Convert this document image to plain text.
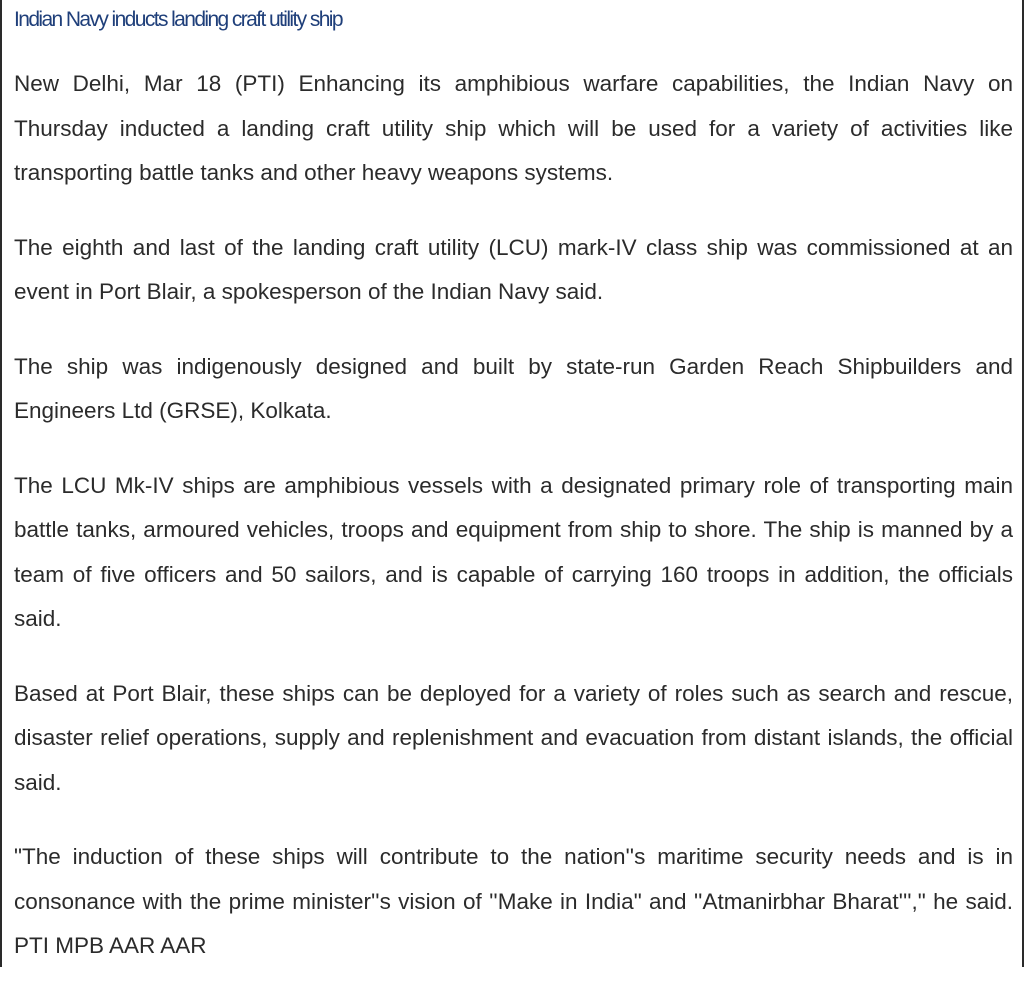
Indian Navy inducts landing craft utility ship

New Delhi, Mar 18 (PTI) Enhancing its amphibious warfare capabilities, the Indian Navy on Thursday inducted a landing craft utility ship which will be used for a variety of activities like transporting battle tanks and other heavy weapons systems.

The eighth and last of the landing craft utility (LCU) mark-IV class ship was commissioned at an event in Port Blair, a spokesperson of the Indian Navy said.

The ship was indigenously designed and built by state-run Garden Reach Shipbuilders and Engineers Ltd (GRSE), Kolkata.

The LCU Mk-IV ships are amphibious vessels with a designated primary role of transporting main battle tanks, armoured vehicles, troops and equipment from ship to shore. The ship is manned by a team of five officers and 50 sailors, and is capable of carrying 160 troops in addition, the officials said.

Based at Port Blair, these ships can be deployed for a variety of roles such as search and rescue, disaster relief operations, supply and replenishment and evacuation from distant islands, the official said.

"The induction of these ships will contribute to the nation''s maritime security needs and is in consonance with the prime minister''s vision of ''Make in India" and ''Atmanirbhar Bharat'''," he said. PTI MPB AAR AAR
